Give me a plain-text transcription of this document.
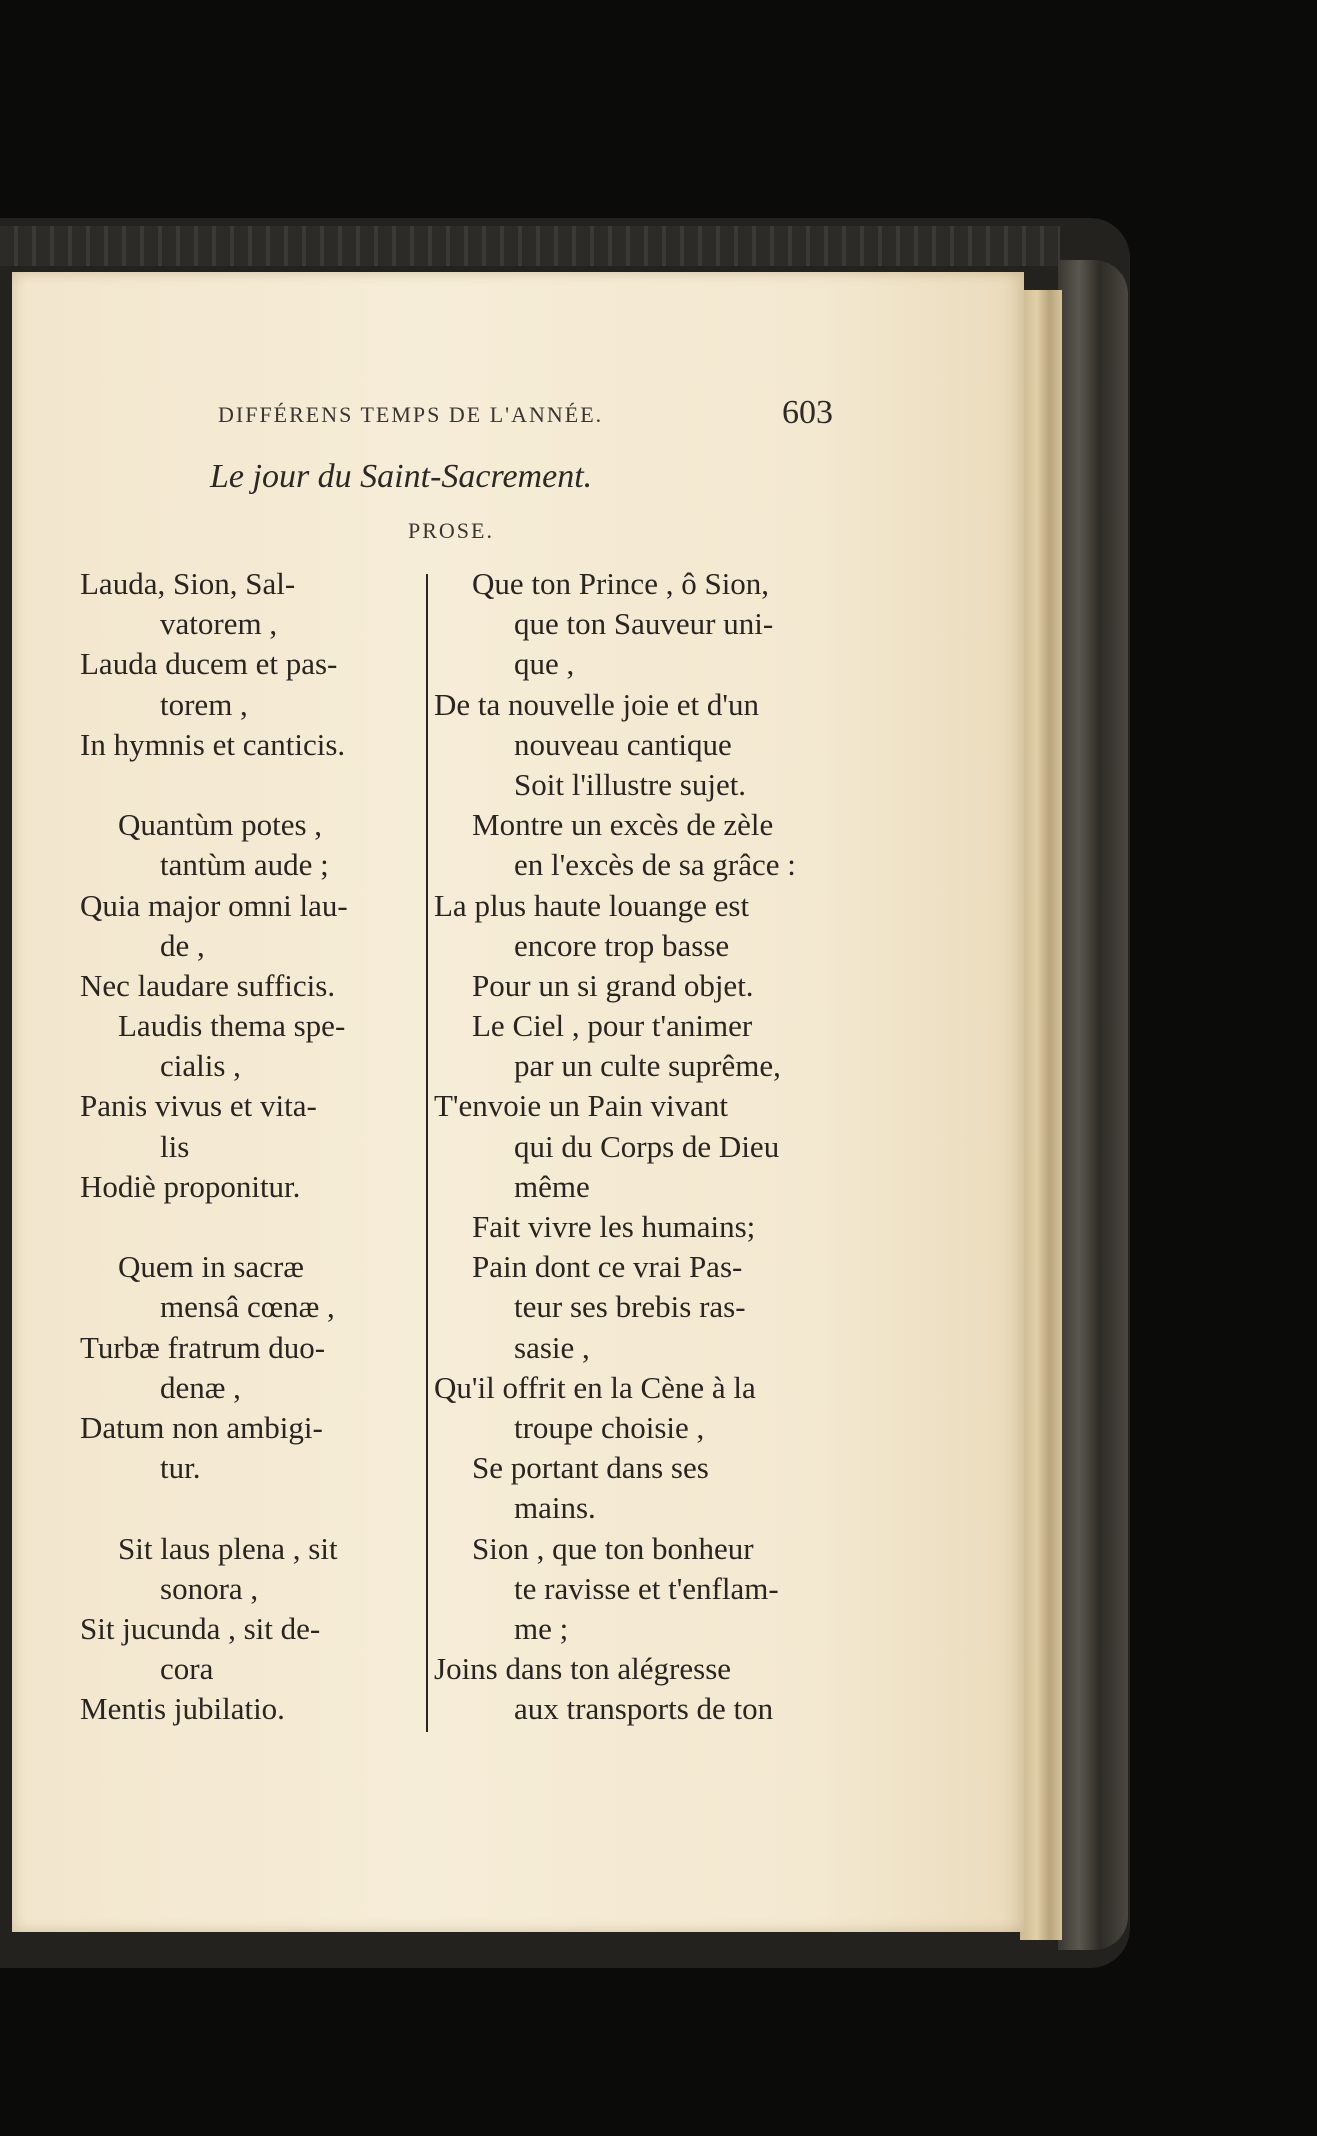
DIFFÉRENS TEMPS DE L'ANNÉE.	603
Le jour du Saint-Sacrement.
PROSE.
Lauda, Sion, Sal-
vatorem ,
Lauda ducem et pas-
torem ,
In hymnis et canticis.
Quantùm potes ,
tantùm aude ;
Quia major omni lau-
de ,
Nec laudare sufficis.
Laudis thema spe-
cialis ,
Panis vivus et vita-
lis
Hodiè proponitur.
Quem in sacræ
mensâ cœnæ ,
Turbæ fratrum duo-
denæ ,
Datum non ambigi-
tur.
Sit laus plena , sit
sonora ,
Sit jucunda , sit de-
cora
Mentis jubilatio.
Que ton Prince , ô Sion,
que ton Sauveur uni-
que ,
De ta nouvelle joie et d'un
nouveau cantique
Soit l'illustre sujet.
Montre un excès de zèle
en l'excès de sa grâce :
La plus haute louange est
encore trop basse
Pour un si grand objet.
Le Ciel , pour t'animer
par un culte suprême,
T'envoie un Pain vivant
qui du Corps de Dieu
même
Fait vivre les humains;
Pain dont ce vrai Pas-
teur ses brebis ras-
sasie ,
Qu'il offrit en la Cène à la
troupe choisie ,
Se portant dans ses
mains.
Sion , que ton bonheur
te ravisse et t'enflam-
me ;
Joins dans ton alégresse
aux transports de ton
